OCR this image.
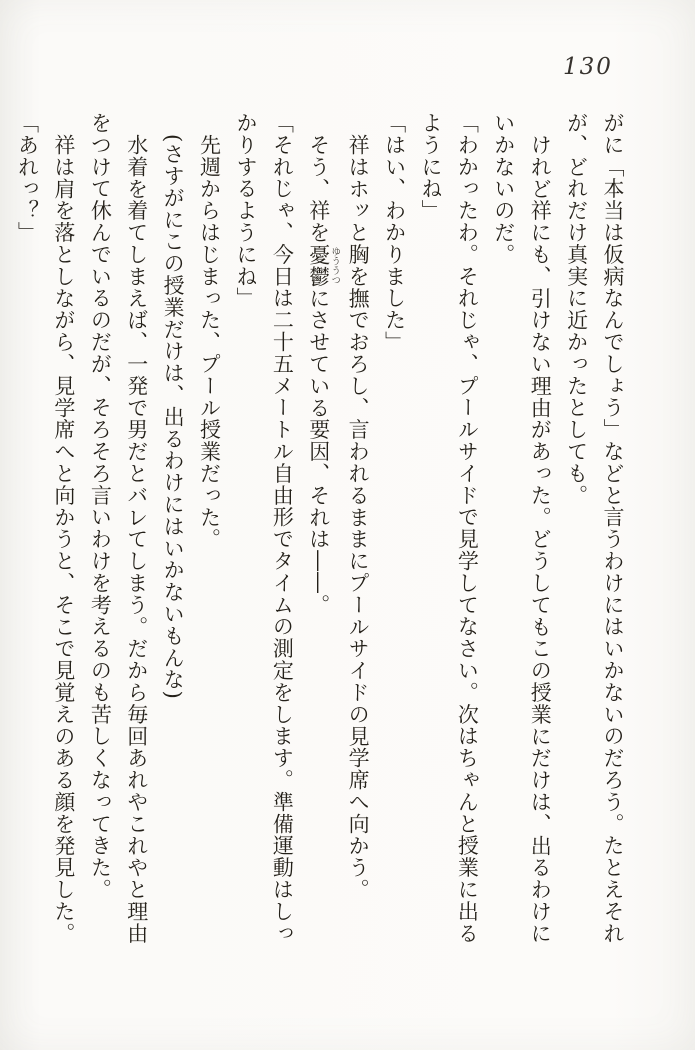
130

がに「本当は仮病なんでしょう」などと言うわけにはいかないのだろう。たとえそれ

が、どれだけ真実に近かったとしても。

けれど祥にも、引けない理由があった。どうしてもこの授業にだけは、出るわけに

いかないのだ。

「わかったわ。それじゃ、プールサイドで見学してなさい。次はちゃんと授業に出る

ようにね」

「はい、わかりました」

祥はホッと胸を撫でおろし、言われるままにプールサイドの見学席へ向かう。

そう、祥を憂鬱ゆううつにさせている要因、それは――。

「それじゃ、今日は二十五メートル自由形でタイムの測定をします。準備運動はしっ

かりするようにね」

先週からはじまった、プール授業だった。

(さすがにこの授業だけは、出るわけにはいかないもんな)

水着を着てしまえば、一発で男だとバレてしまう。だから毎回あれやこれやと理由

をつけて休んでいるのだが、そろそろ言いわけを考えるのも苦しくなってきた。

祥は肩を落としながら、見学席へと向かうと、そこで見覚えのある顔を発見した。

「あれっ？」
